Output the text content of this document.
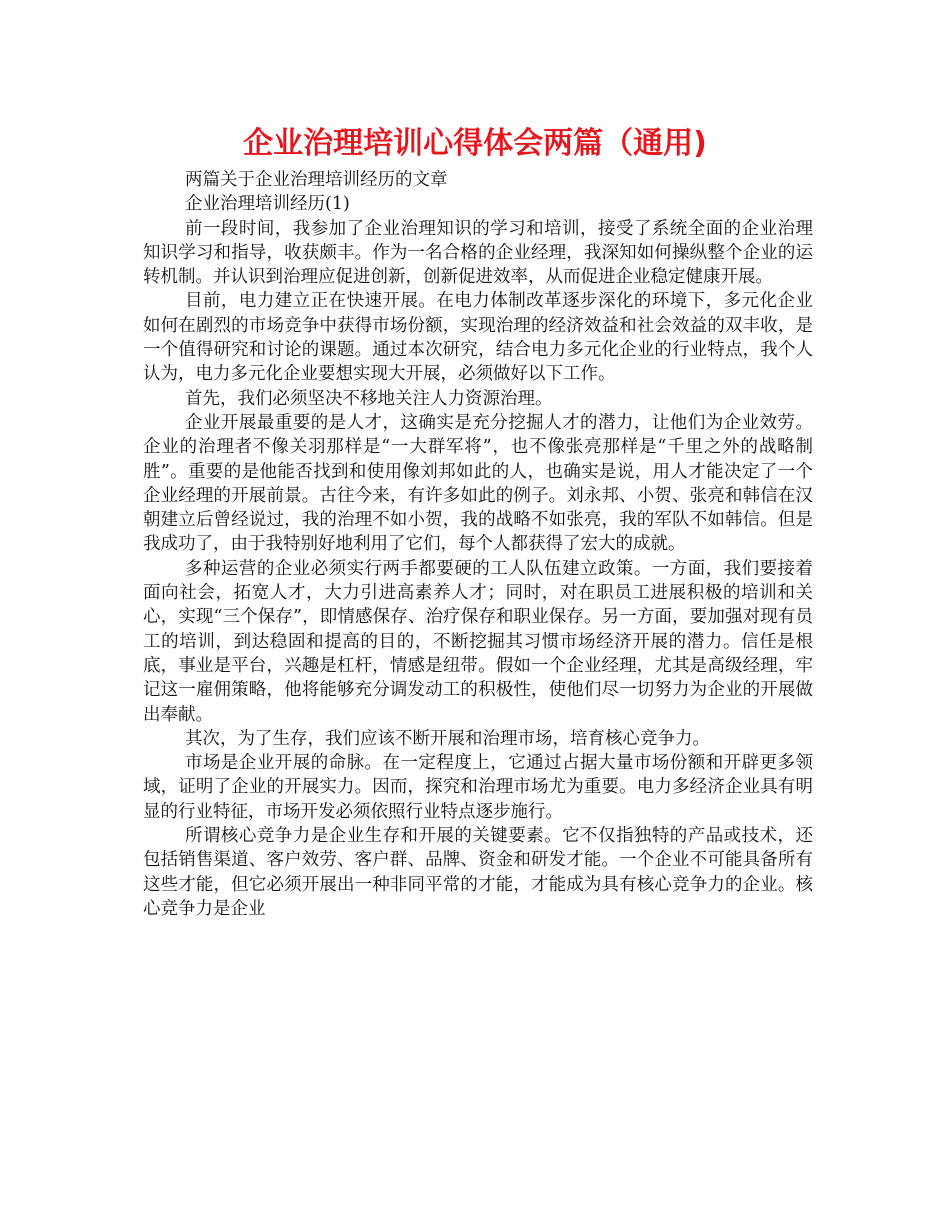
企业治理培训心得体会两篇（通用)

两篇关于企业治理培训经历的文章

企业治理培训经历(1)

前一段时间，我参加了企业治理知识的学习和培训，接受了系统全面的企业治理知识学习和指导，收获颇丰。作为一名合格的企业经理，我深知如何操纵整个企业的运转机制。并认识到治理应促进创新，创新促进效率，从而促进企业稳定健康开展。

目前，电力建立正在快速开展。在电力体制改革逐步深化的环境下，多元化企业如何在剧烈的市场竞争中获得市场份额，实现治理的经济效益和社会效益的双丰收，是一个值得研究和讨论的课题。通过本次研究，结合电力多元化企业的行业特点，我个人认为，电力多元化企业要想实现大开展，必须做好以下工作。

首先，我们必须坚决不移地关注人力资源治理。

企业开展最重要的是人才，这确实是充分挖掘人才的潜力，让他们为企业效劳。企业的治理者不像关羽那样是“一大群军将”，也不像张亮那样是“千里之外的战略制胜”。重要的是他能否找到和使用像刘邦如此的人，也确实是说，用人才能决定了一个企业经理的开展前景。古往今来，有许多如此的例子。刘永邦、小贺、张亮和韩信在汉朝建立后曾经说过，我的治理不如小贺，我的战略不如张亮，我的军队不如韩信。但是我成功了，由于我特别好地利用了它们，每个人都获得了宏大的成就。

多种运营的企业必须实行两手都要硬的工人队伍建立政策。一方面，我们要接着面向社会，拓宽人才，大力引进高素养人才；同时，对在职员工进展积极的培训和关心，实现“三个保存”，即情感保存、治疗保存和职业保存。另一方面，要加强对现有员工的培训，到达稳固和提高的目的，不断挖掘其习惯市场经济开展的潜力。信任是根底，事业是平台，兴趣是杠杆，情感是纽带。假如一个企业经理，尤其是高级经理，牢记这一雇佣策略，他将能够充分调发动工的积极性，使他们尽一切努力为企业的开展做出奉献。

其次，为了生存，我们应该不断开展和治理市场，培育核心竞争力。

市场是企业开展的命脉。在一定程度上，它通过占据大量市场份额和开辟更多领域，证明了企业的开展实力。因而，探究和治理市场尤为重要。电力多经济企业具有明显的行业特征，市场开发必须依照行业特点逐步施行。

所谓核心竞争力是企业生存和开展的关键要素。它不仅指独特的产品或技术，还包括销售渠道、客户效劳、客户群、品牌、资金和研发才能。一个企业不可能具备所有这些才能，但它必须开展出一种非同平常的才能，才能成为具有核心竞争力的企业。核心竞争力是企业
